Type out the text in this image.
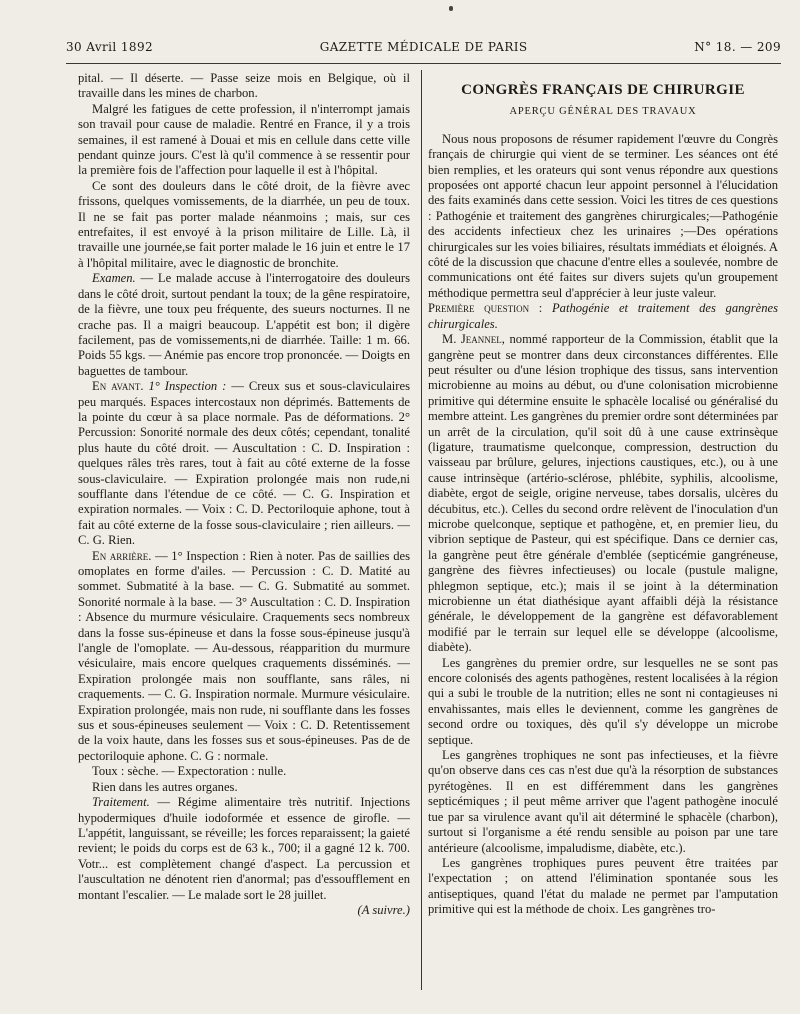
30 Avril 1892	GAZETTE MÉDICALE DE PARIS	N° 18. — 209

pital. — Il déserte. — Passe seize mois en Belgique, où il travaille dans les mines de charbon.

Malgré les fatigues de cette profession, il n'interrompt jamais son travail pour cause de maladie. Rentré en France, il y a trois semaines, il est ramené à Douai et mis en cellule dans cette ville pendant quinze jours. C'est là qu'il commence à se ressentir pour la première fois de l'affection pour laquelle il est à l'hôpital.

Ce sont des douleurs dans le côté droit, de la fièvre avec frissons, quelques vomissements, de la diarrhée, un peu de toux. Il ne se fait pas porter malade néanmoins ; mais, sur ces entrefaites, il est envoyé à la prison militaire de Lille. Là, il travaille une journée,se fait porter malade le 16 juin et entre le 17 à l'hôpital militaire, avec le diagnostic de bronchite.

Examen. — Le malade accuse à l'interrogatoire des douleurs dans le côté droit, surtout pendant la toux; de la gêne respiratoire, de la fièvre, une toux peu fréquente, des sueurs nocturnes. Il ne crache pas. Il a maigri beaucoup. L'appétit est bon; il digère facilement, pas de vomissements,ni de diarrhée. Taille: 1 m. 66. Poids 55 kgs. — Anémie pas encore trop prononcée. — Doigts en baguettes de tambour.

En avant. 1° Inspection : — Creux sus et sous-claviculaires peu marqués. Espaces intercostaux non déprimés. Battements de la pointe du cœur à sa place normale. Pas de déformations. 2° Percussion: Sonorité normale des deux côtés; cependant, tonalité plus haute du côté droit. — Auscultation : C. D. Inspiration : quelques râles très rares, tout à fait au côté externe de la fosse sous-claviculaire. — Expiration prolongée mais non rude,ni soufflante dans l'étendue de ce côté. — C. G. Inspiration et expiration normales. — Voix : C. D. Pectoriloquie aphone, tout à fait au côté externe de la fosse sous-claviculaire ; rien ailleurs. — C. G. Rien.

En arrière. — 1° Inspection : Rien à noter. Pas de saillies des omoplates en forme d'ailes. — Percussion : C. D. Matité au sommet. Submatité à la base. — C. G. Submatité au sommet. Sonorité normale à la base. — 3° Auscultation : C. D. Inspiration : Absence du murmure vésiculaire. Craquements secs nombreux dans la fosse sus-épineuse et dans la fosse sous-épineuse jusqu'à l'angle de l'omoplate. — Au-dessous, réapparition du murmure vésiculaire, mais encore quelques craquements disséminés. — Expiration prolongée mais non soufflante, sans râles, ni craquements. — C. G. Inspiration normale. Murmure vésiculaire. Expiration prolongée, mais non rude, ni soufflante dans les fosses sus et sous-épineuses seulement — Voix : C. D. Retentissement de la voix haute, dans les fosses sus et sous-épineuses. Pas de de pectoriloquie aphone. C. G : normale.

Toux : sèche. — Expectoration : nulle.

Rien dans les autres organes.

Traitement. — Régime alimentaire très nutritif. Injections hypodermiques d'huile iodoformée et essence de girofle. — L'appétit, languissant, se réveille; les forces reparaissent; la gaieté revient; le poids du corps est de 63 k., 700; il a gagné 12 k. 700. Votr... est complètement changé d'aspect. La percussion et l'auscultation ne dénotent rien d'anormal; pas d'essoufflement en montant l'escalier. — Le malade sort le 28 juillet.

(A suivre.)

CONGRÈS FRANÇAIS DE CHIRURGIE
APERÇU GÉNÉRAL DES TRAVAUX

Nous nous proposons de résumer rapidement l'œuvre du Congrès français de chirurgie qui vient de se terminer. Les séances ont été bien remplies, et les orateurs qui sont venus répondre aux questions proposées ont apporté chacun leur appoint personnel à l'élucidation des faits examinés dans cette session. Voici les titres de ces questions : Pathogénie et traitement des gangrènes chirurgicales;—Pathogénie des accidents infectieux chez les urinaires ;—Des opérations chirurgicales sur les voies biliaires, résultats immédiats et éloignés. A côté de la discussion que chacune d'entre elles a soulevée, nombre de communications ont été faites sur divers sujets qu'un groupement méthodique permettra seul d'apprécier à leur juste valeur.

Première question : Pathogénie et traitement des gangrènes chirurgicales.

M. Jeannel, nommé rapporteur de la Commission, établit que la gangrène peut se montrer dans deux circonstances différentes. Elle peut résulter ou d'une lésion trophique des tissus, sans intervention microbienne au moins au début, ou d'une colonisation microbienne primitive qui détermine ensuite le sphacèle localisé ou généralisé du membre atteint. Les gangrènes du premier ordre sont déterminées par un arrêt de la circulation, qu'il soit dû à une cause extrinsèque (ligature, traumatisme quelconque, compression, destruction du vaisseau par brûlure, gelures, injections caustiques, etc.), ou à une cause intrinsèque (artério-sclérose, phlébite, syphilis, alcoolisme, diabète, ergot de seigle, origine nerveuse, tabes dorsalis, ulcères du décubitus, etc.). Celles du second ordre relèvent de l'inoculation d'un microbe quelconque, septique et pathogène, et, en premier lieu, du vibrion septique de Pasteur, qui est spécifique. Dans ce dernier cas, la gangrène peut être générale d'emblée (septicémie gangréneuse, gangrène des fièvres infectieuses) ou locale (pustule maligne, phlegmon septique, etc.); mais il se joint à la détermination microbienne un état diathésique ayant affaibli déjà la résistance générale, le développement de la gangrène est défavorablement modifié par le terrain sur lequel elle se développe (alcoolisme, diabète).

Les gangrènes du premier ordre, sur lesquelles ne se sont pas encore colonisés des agents pathogènes, restent localisées à la région qui a subi le trouble de la nutrition; elles ne sont ni contagieuses ni envahissantes, mais elles le deviennent, comme les gangrènes de second ordre ou toxiques, dès qu'il s'y développe un microbe septique.

Les gangrènes trophiques ne sont pas infectieuses, et la fièvre qu'on observe dans ces cas n'est due qu'à la résorption de substances pyrétogènes. Il en est différemment dans les gangrènes septicémiques ; il peut même arriver que l'agent pathogène inoculé tue par sa virulence avant qu'il ait déterminé le sphacèle (charbon), surtout si l'organisme a été rendu sensible au poison par une tare antérieure (alcoolisme, impaludisme, diabète, etc.).

Les gangrènes trophiques pures peuvent être traitées par l'expectation ; on attend l'élimination spontanée sous les antiseptiques, quand l'état du malade ne permet par l'amputation primitive qui est la méthode de choix. Les gangrènes tro-
